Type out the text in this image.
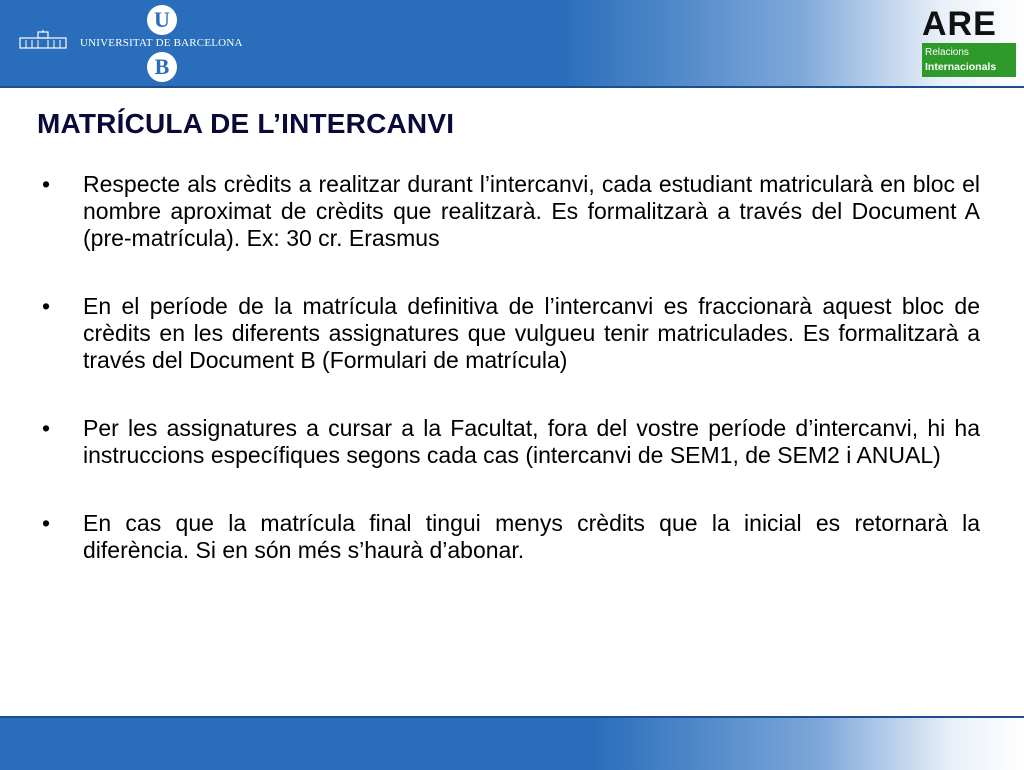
U
UNIVERSITAT DE BARCELONA
B
ARE
Relacions
Internacionals
MATRÍCULA DE L’INTERCANVI
•	Respecte als crèdits a realitzar durant l’intercanvi, cada estudiant matricularà en bloc el nombre aproximat de crèdits que realitzarà. Es formalitzarà a través del Document A (pre-matrícula). Ex: 30 cr. Erasmus
•	En el període de la matrícula definitiva de l’intercanvi es fraccionarà aquest bloc de crèdits en les diferents assignatures que vulgueu tenir matriculades. Es formalitzarà a través del Document B (Formulari de matrícula)
•	Per les assignatures a cursar a la Facultat, fora del vostre període d’intercanvi, hi ha instruccions específiques segons cada cas (intercanvi de SEM1, de SEM2 i ANUAL)
•	En cas que la matrícula final tingui menys crèdits que la inicial es retornarà la diferència. Si en són més s’haurà d’abonar.
